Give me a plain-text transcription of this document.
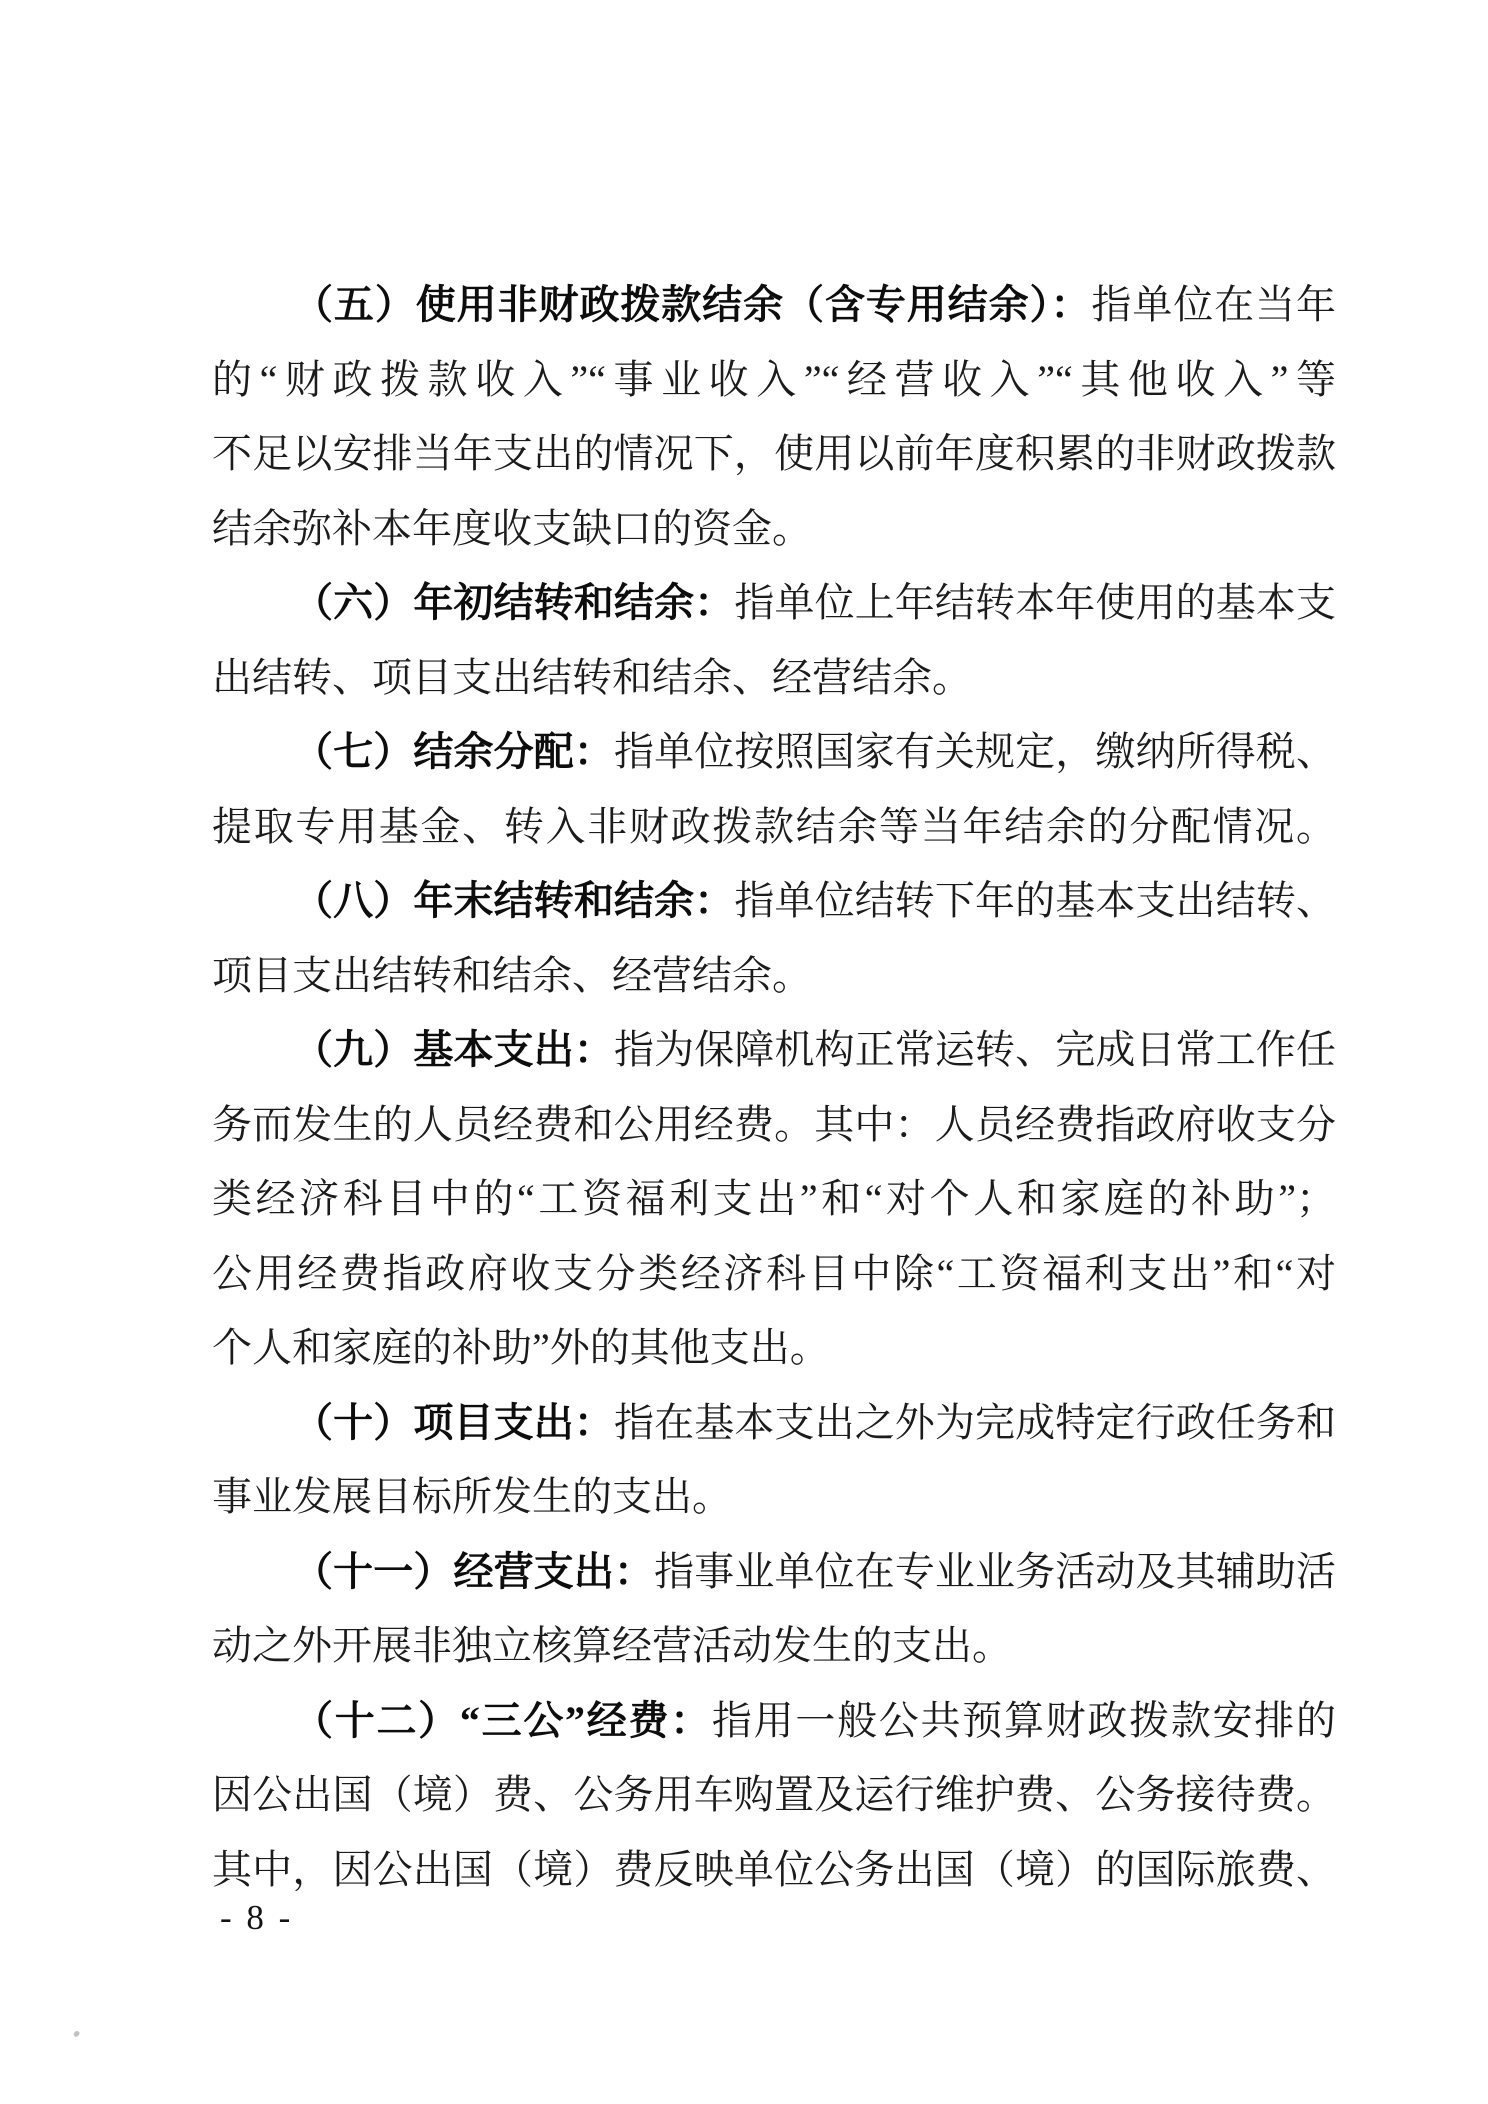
（五）使用非财政拨款结余（含专用结余）：指单位在当年
的“财政拨款收入”“事业收入”“经营收入”“其他收入”等
不足以安排当年支出的情况下，使用以前年度积累的非财政拨款
结余弥补本年度收支缺口的资金。
（六）年初结转和结余：指单位上年结转本年使用的基本支
出结转、项目支出结转和结余、经营结余。
（七）结余分配：指单位按照国家有关规定，缴纳所得税、
提取专用基金、转入非财政拨款结余等当年结余的分配情况。
（八）年末结转和结余：指单位结转下年的基本支出结转、
项目支出结转和结余、经营结余。
（九）基本支出：指为保障机构正常运转、完成日常工作任
务而发生的人员经费和公用经费。其中：人员经费指政府收支分
类经济科目中的“工资福利支出”和“对个人和家庭的补助”；
公用经费指政府收支分类经济科目中除“工资福利支出”和“对
个人和家庭的补助”外的其他支出。
（十）项目支出：指在基本支出之外为完成特定行政任务和
事业发展目标所发生的支出。
（十一）经营支出：指事业单位在专业业务活动及其辅助活
动之外开展非独立核算经营活动发生的支出。
（十二）“三公”经费：指用一般公共预算财政拨款安排的
因公出国（境）费、公务用车购置及运行维护费、公务接待费。
其中，因公出国（境）费反映单位公务出国（境）的国际旅费、
- 8 -
